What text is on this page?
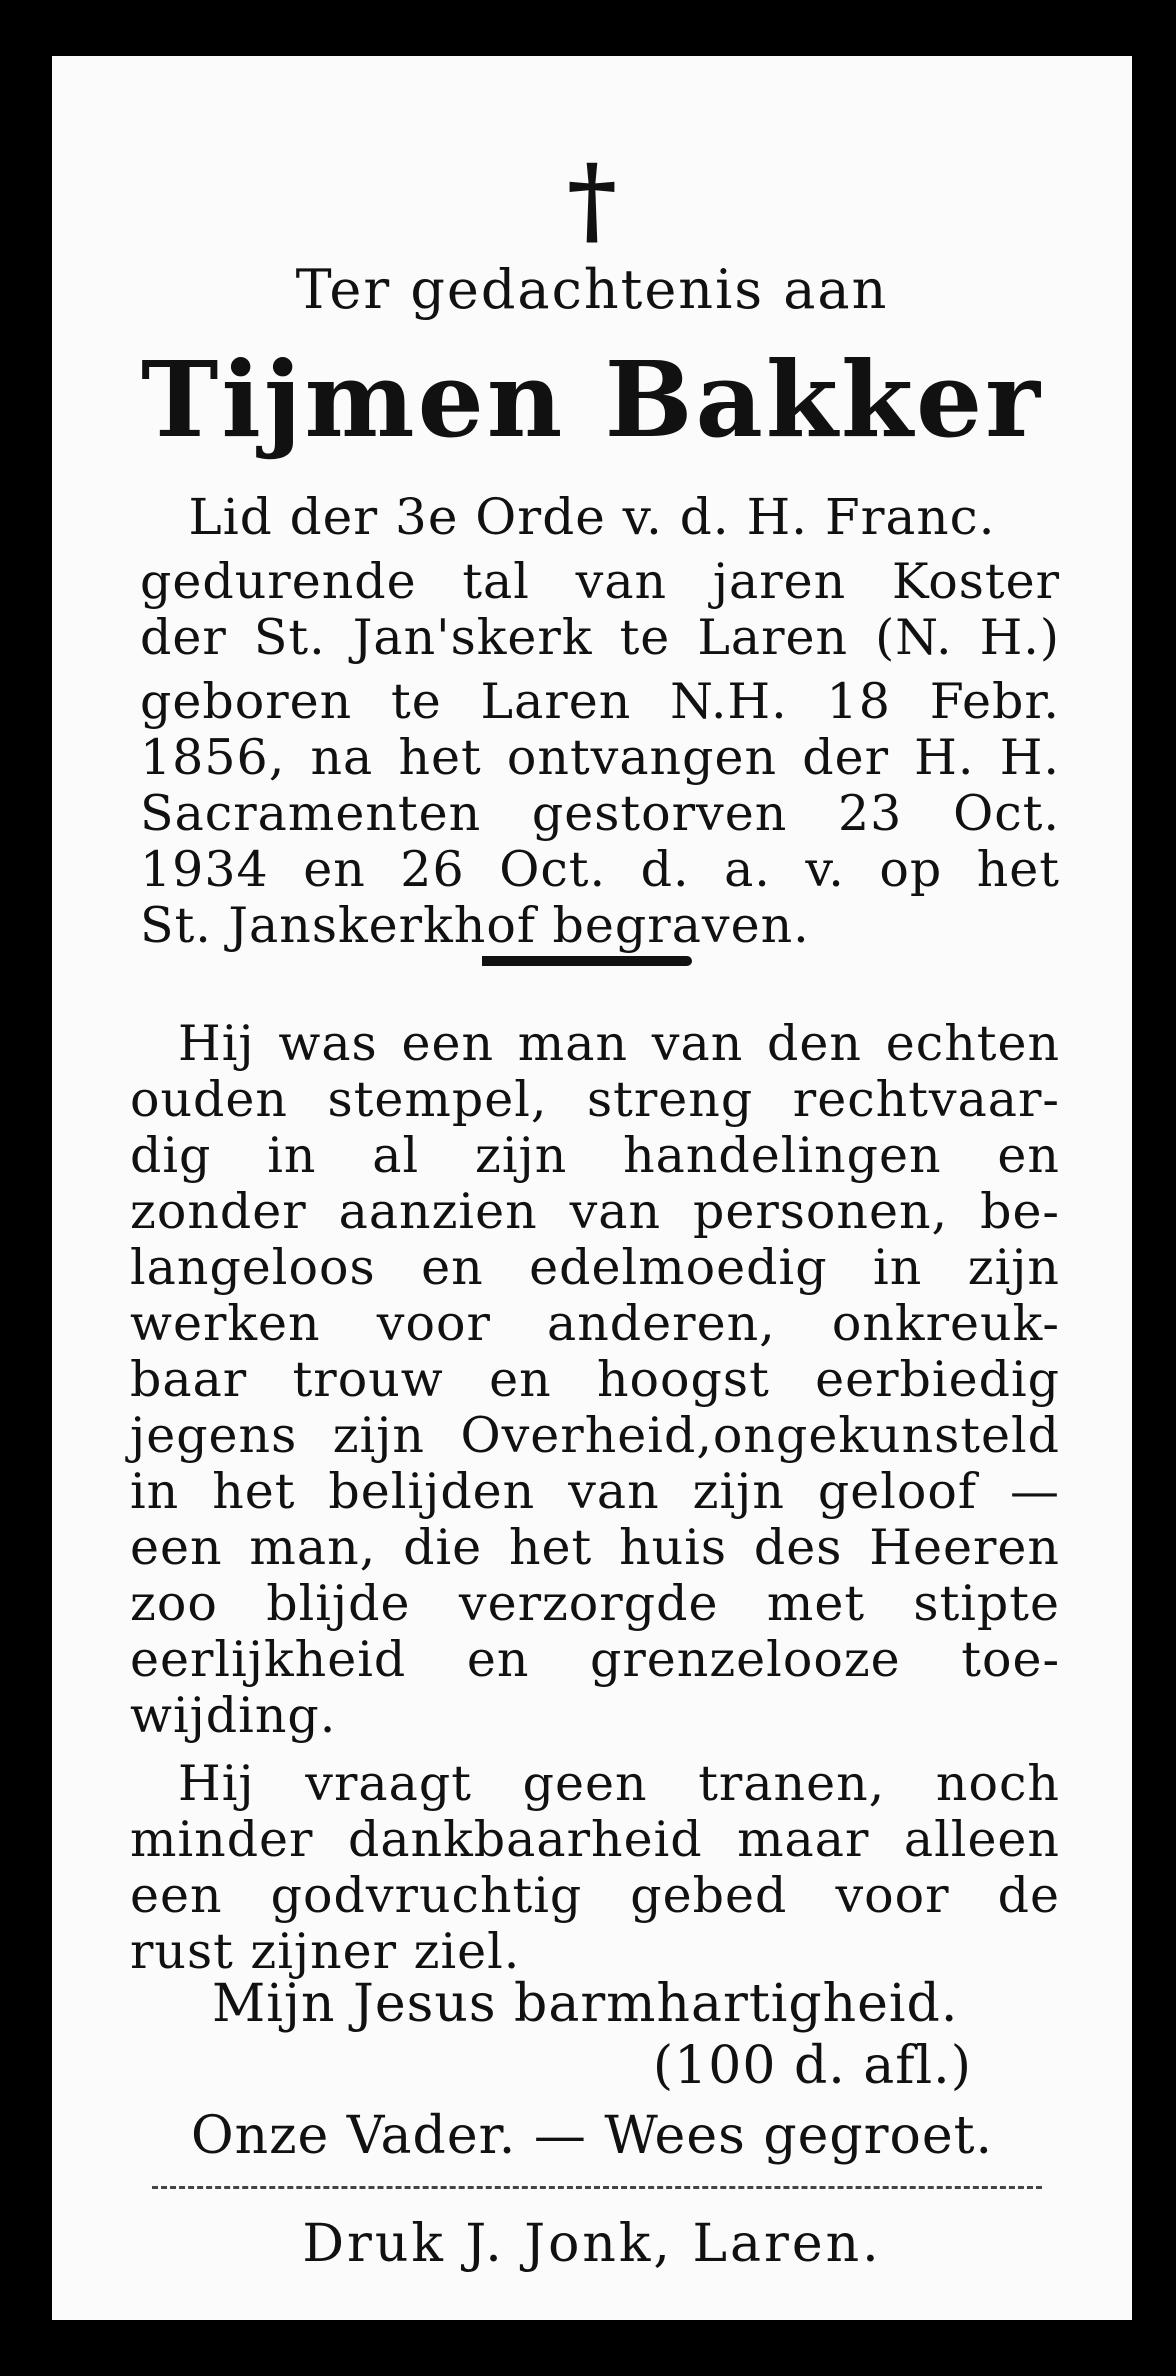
†
Ter gedachtenis aan
Tijmen Bakker
Lid der 3e Orde v. d. H. Franc.
gedurende tal van jaren Koster
der St. Jan'skerk te Laren (N. H.)
geboren te Laren N.H. 18 Febr.
1856, na het ontvangen der H. H.
Sacramenten gestorven 23 Oct.
1934 en 26 Oct. d. a. v. op het
St. Janskerkhof begraven.
Hij was een man van den echten
ouden stempel, streng rechtvaar-
dig in al zijn handelingen en
zonder aanzien van personen, be-
langeloos en edelmoedig in zijn
werken voor anderen, onkreuk-
baar trouw en hoogst eerbiedig
jegens zijn Overheid,ongekunsteld
in het belijden van zijn geloof —
een man, die het huis des Heeren
zoo blijde verzorgde met stipte
eerlijkheid en grenzelooze toe-
wijding.
Hij vraagt geen tranen, noch
minder dankbaarheid maar alleen
een godvruchtig gebed voor de
rust zijner ziel.
Mijn Jesus barmhartigheid.
(100 d. afl.)
Onze Vader. — Wees gegroet.
Druk J. Jonk, Laren.
